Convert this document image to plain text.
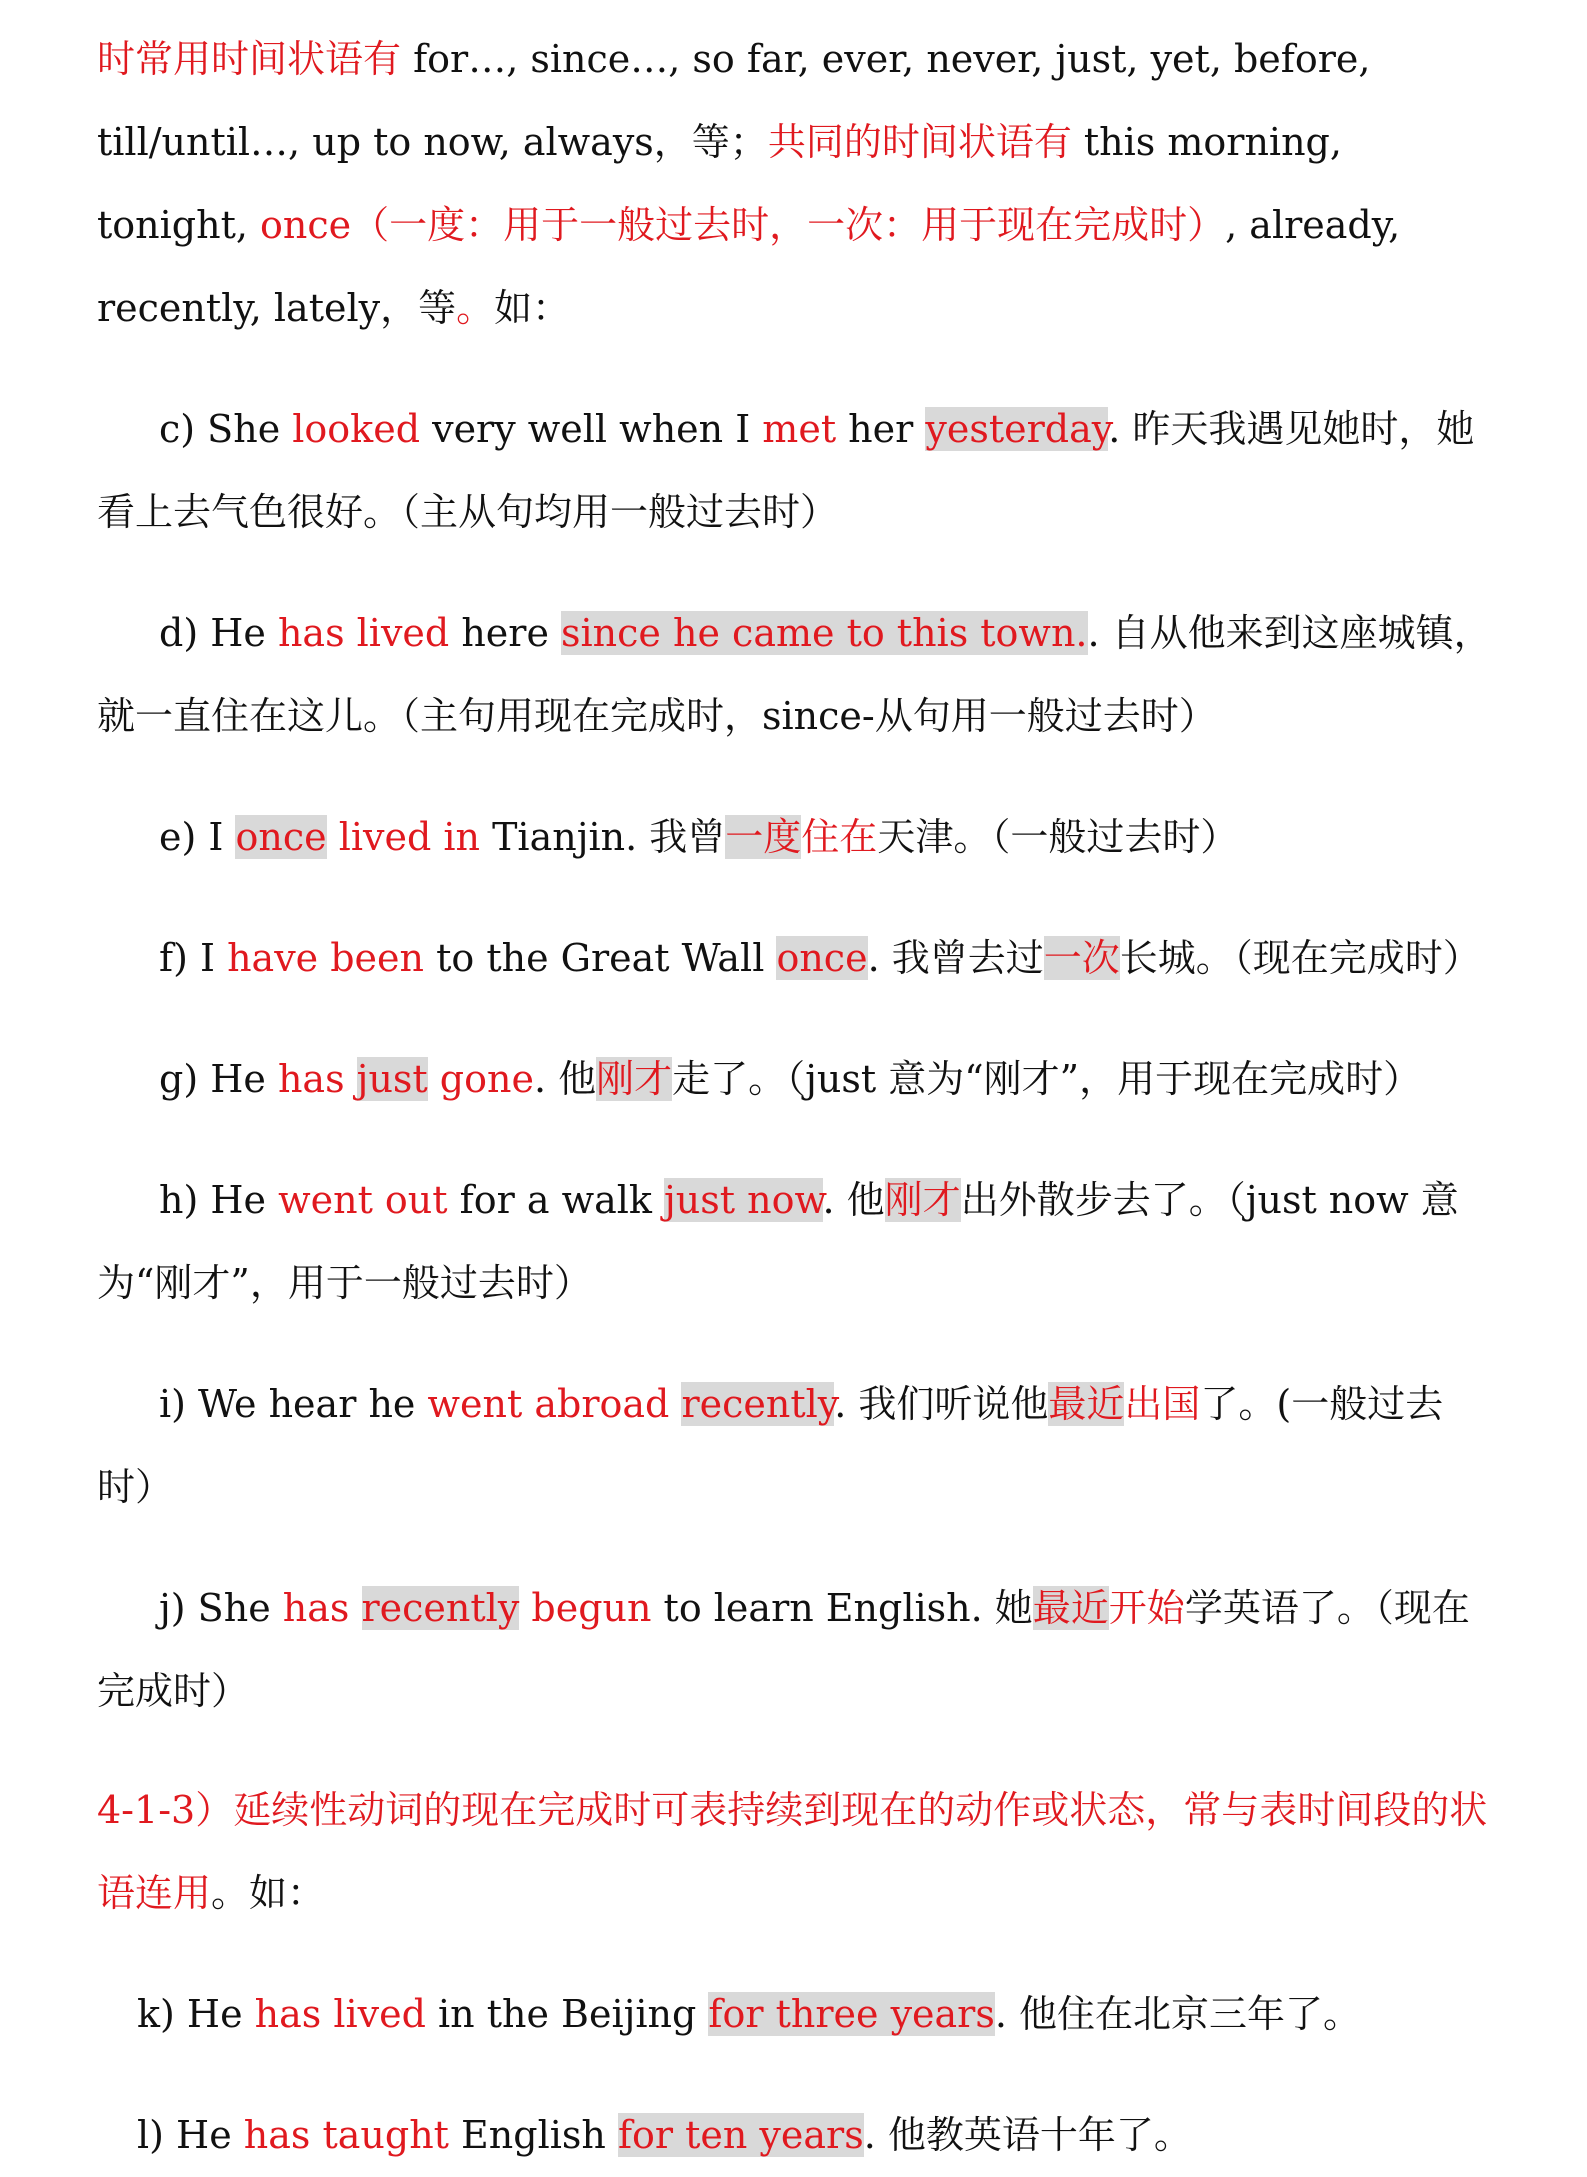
时常用时间状语有 for…, since…, so far, ever, never, just, yet, before, till/until…, up to now, always，等；共同的时间状语有 this morning, tonight, once（一度：用于一般过去时，一次：用于现在完成时）, already, recently, lately，等。如：

c) She looked very well when I met her yesterday. 昨天我遇见她时，她看上去气色很好。（主从句均用一般过去时）

d) He has lived here since he came to this town.. 自从他来到这座城镇，就一直住在这儿。（主句用现在完成时，since-从句用一般过去时）

e) I once lived in Tianjin. 我曾一度住在天津。（一般过去时）

f) I have been to the Great Wall once. 我曾去过一次长城。（现在完成时）

g) He has just gone. 他刚才走了。（just 意为“刚才”，用于现在完成时）

h) He went out for a walk just now. 他刚才出外散步去了。（just now 意为“刚才”，用于一般过去时）

i) We hear he went abroad recently. 我们听说他最近出国了。(一般过去时）

j) She has recently begun to learn English. 她最近开始学英语了。（现在完成时）

4-1-3）延续性动词的现在完成时可表持续到现在的动作或状态，常与表时间段的状语连用。如：

k) He has lived in the Beijing for three years. 他住在北京三年了。

l) He has taught English for ten years. 他教英语十年了。
